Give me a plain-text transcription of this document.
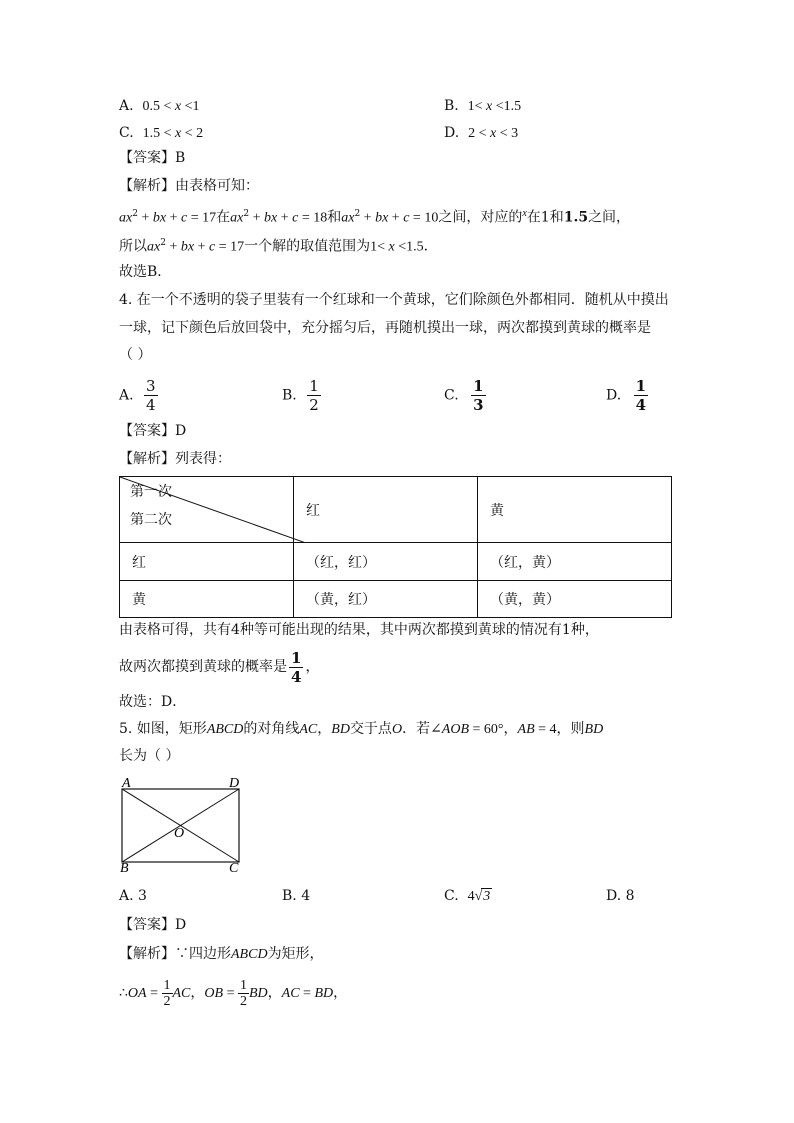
A.  0.5 < x <1	B.  1< x <1.5
C.  1.5 < x < 2	D.  2 < x < 3
【答案】B
【解析】由表格可知：
$ax^2$ + bx + c = 17在$ax^2$ + bx + c = 18和$ax^2$ + bx + c = 10之间，对应的$^x$在1和1.5之间，
所以$ax^2$ + bx + c = 17一个解的取值范围为1< x <1.5．
故选B．
4. 在一个不透明的袋子里装有一个红球和一个黄球，它们除颜色外都相同．随机从中摸出
一球，记下颜色后放回袋中，充分摇匀后，再随机摸出一球，两次都摸到黄球的概率是
（ ）
A. $\frac{3}{4}$	B. $\frac{1}{2}$	C. $\frac{1}{3}$	D. $\frac{1}{4}$
【答案】D
【解析】列表得：
第一次
第二次	红	黄
红	（红，红）	（红，黄）
黄	（黄，红）	（黄，黄）
由表格可得，共有4种等可能出现的结果，其中两次都摸到黄球的情况有1种，
故两次都摸到黄球的概率是 $\frac{1}{4}$ ，
故选：D．
5. 如图，矩形ABCD的对角线AC，BD交于点O．若∠AOB = 60°，AB = 4，则BD
长为（ ）
A	D
B	C
O
A. 3	B. 4	C.  4√3	D. 8
【答案】D
【解析】∵四边形ABCD为矩形，
∴OA = $\frac{1}{2}$ AC，OB = $\frac{1}{2}$ BD，AC = BD，
